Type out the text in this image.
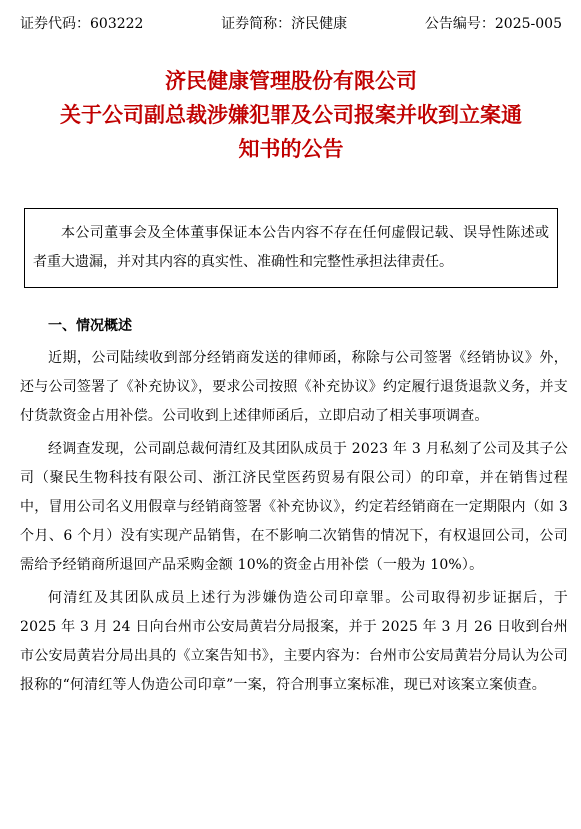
证券代码：603222	证券简称：济民健康	公告编号：2025-005
济民健康管理股份有限公司
关于公司副总裁涉嫌犯罪及公司报案并收到立案通
知书的公告

本公司董事会及全体董事保证本公告内容不存在任何虚假记载、误导性陈述或者重大遗漏，并对其内容的真实性、准确性和完整性承担法律责任。

一、情况概述

近期，公司陆续收到部分经销商发送的律师函，称除与公司签署《经销协议》外，还与公司签署了《补充协议》，要求公司按照《补充协议》约定履行退货退款义务，并支付货款资金占用补偿。公司收到上述律师函后，立即启动了相关事项调查。

经调查发现，公司副总裁何清红及其团队成员于 2023 年 3 月私刻了公司及其子公司（聚民生物科技有限公司、浙江济民堂医药贸易有限公司）的印章，并在销售过程中，冒用公司名义用假章与经销商签署《补充协议》，约定若经销商在一定期限内（如 3 个月、6 个月）没有实现产品销售，在不影响二次销售的情况下，有权退回公司，公司需给予经销商所退回产品采购金额 10%的资金占用补偿（一般为 10%）。

何清红及其团队成员上述行为涉嫌伪造公司印章罪。公司取得初步证据后，于 2025 年 3 月 24 日向台州市公安局黄岩分局报案，并于 2025 年 3 月 26 日收到台州市公安局黄岩分局出具的《立案告知书》，主要内容为：台州市公安局黄岩分局认为公司报称的“何清红等人伪造公司印章”一案，符合刑事立案标准，现已对该案立案侦查。
